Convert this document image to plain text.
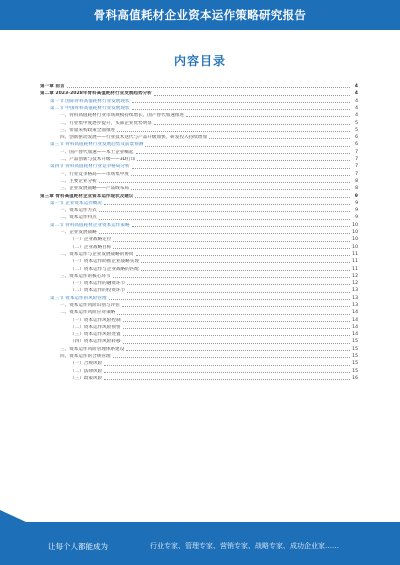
骨科高值耗材企业资本运作策略研究报告
内容目录
第一章 前言	4
第二章 2023-2028年骨科高值耗材行业发展趋势分析	4
第一节 国际骨科高值耗材行业发展现状	4
第二节 中国骨科高值耗材行业发展现状	4
一、骨科高值耗材行业市场规模持续增长，国产替代加速推进	4
二、行业集中度逐步提升，头部企业优势明显	5
三、带量采购政策全面推进	5
四、创新驱动发展——行业技术迭代与产品升级加快，研发投入持续增加	6
第三节 骨科高值耗材行业发展趋势及前景预测	6
一、国产替代加速——本土企业崛起	7
二、产品创新与技术升级——3D打印	7
第四节 骨科高值耗材行业竞争格局分析	7
一、行业竞争格局——市场集中度	7
二、主要企业分析	8
三、企业发展战略——产品线布局	8
第三章 骨科高值耗材企业资本运作现状及建议	9
第一节 企业资本运作概况	9
一、资本运作方式	9
二、资本运作特点	9
第二节 骨科高值耗材企业资本运作策略	10
一、企业发展战略	10
（一）企业战略定位	10
（二）企业战略目标	10
二、资本运作与企业发展战略的协同	11
（一）资本运作助推企业战略实现	11
（二）资本运作与企业战略的匹配	11
三、资本运作的核心环节	12
（一）资本运作的融资环节	12
（二）资本运作的投资环节	13
第三节 资本运作的风险管理	13
一、资本运作风险识别与评估	13
二、资本运作风险应对策略	14
（一）资本运作风险控制	14
（二）资本运作风险预警	14
（三）资本运作风险处置	14
（四）资本运作风险转移	15
三、资本运作风险管理体系建设	15
四、资本运作的合规管理	15
（一）合规风险	15
（二）法律风险	15
（三）政策风险	16
让每个人都能成为	行业专家、管理专家、营销专家、战略专家、成功企业家……
